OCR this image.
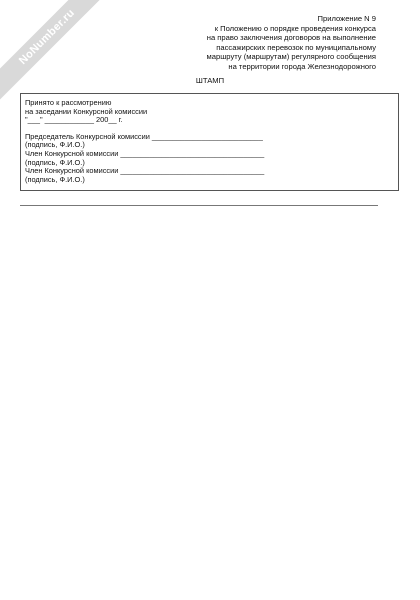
NoNumber.ru	Приложение N 9
к Положению о порядке проведения конкурса
на право заключения договоров на выполнение
пассажирских перевозок по муниципальному
маршруту (маршрутам) регулярного сообщения
на территории города Железнодорожного
ШТАМП
Принято к рассмотрению
на заседании Конкурсной комиссии
"___" ____________ 200__ г.
Председатель Конкурсной комиссии ___________________________
(подпись, Ф.И.О.)
Член Конкурсной комиссии ___________________________________
(подпись, Ф.И.О.)
Член Конкурсной комиссии ___________________________________
(подпись, Ф.И.О.)
